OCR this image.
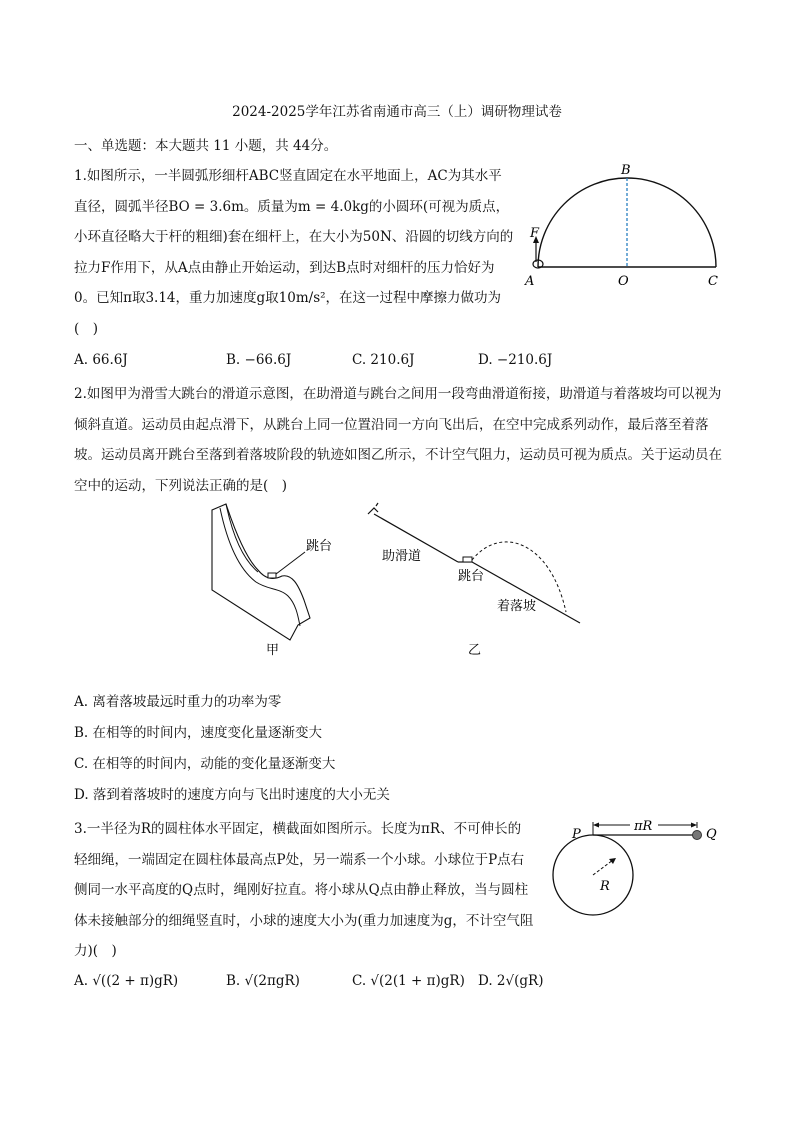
2024-2025学年江苏省南通市高三（上）调研物理试卷
一、单选题：本大题共 11 小题，共 44分。
1.如图所示，一半圆弧形细杆ABC竖直固定在水平地面上，AC为其水平直径，圆弧半径BO = 3.6m。质量为m = 4.0kg的小圆环(可视为质点，小环直径略大于杆的粗细)套在细杆上，在大小为50N、沿圆的切线方向的拉力F作用下，从A点由静止开始运动，到达B点时对细杆的压力恰好为0。已知π取3.14，重力加速度g取10m/s²，在这一过程中摩擦力做功为
(　)
A. 66.6J	B. −66.6J	C. 210.6J	D. −210.6J
F
B
A	O	C
2.如图甲为滑雪大跳台的滑道示意图，在助滑道与跳台之间用一段弯曲滑道衔接，助滑道与着落坡均可以视为倾斜直道。运动员由起点滑下，从跳台上同一位置沿同一方向飞出后，在空中完成系列动作，最后落至着落坡。运动员离开跳台至落到着落坡阶段的轨迹如图乙所示，不计空气阻力，运动员可视为质点。关于运动员在空中的运动，下列说法正确的是(　)
跳台
甲
助滑道
跳台
着落坡
乙
A. 离着落坡最远时重力的功率为零
B. 在相等的时间内，速度变化量逐渐变大
C. 在相等的时间内，动能的变化量逐渐变大
D. 落到着落坡时的速度方向与飞出时速度的大小无关
3.一半径为R的圆柱体水平固定，横截面如图所示。长度为πR、不可伸长的轻细绳，一端固定在圆柱体最高点P处，另一端系一个小球。小球位于P点右侧同一水平高度的Q点时，绳刚好拉直。将小球从Q点由静止释放，当与圆柱体未接触部分的细绳竖直时，小球的速度大小为(重力加速度为g，不计空气阻力)(　)
πR
R
P	Q
A. √((2 + π)gR)	B. √(2πgR)	C. √(2(1 + π)gR) D. 2√(gR)
